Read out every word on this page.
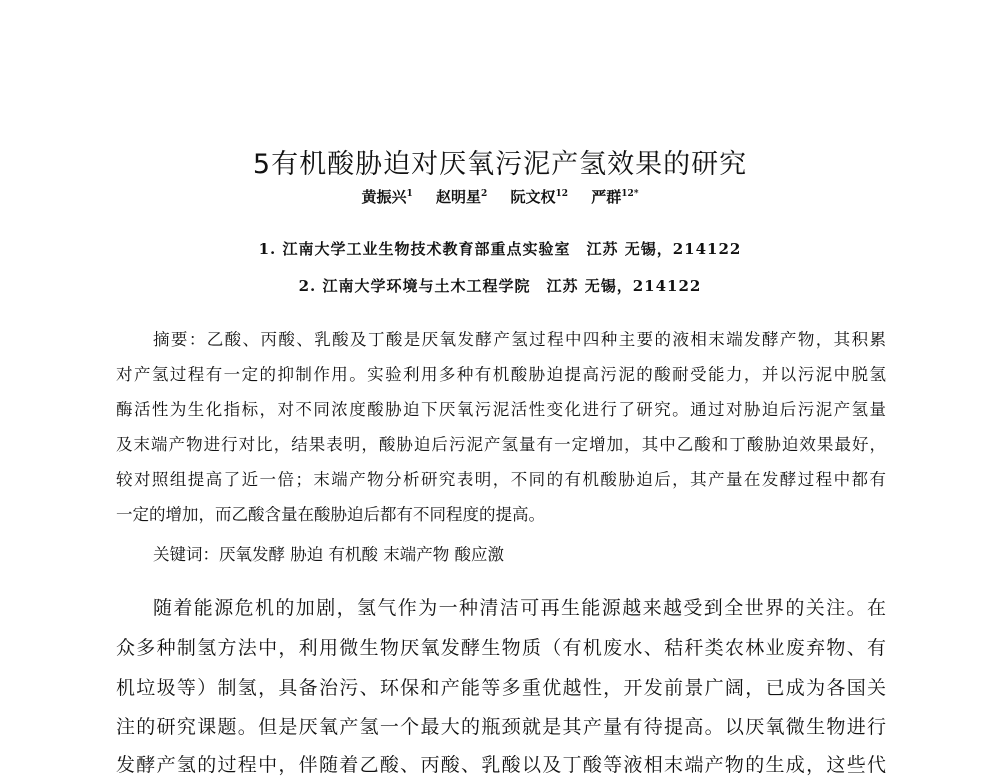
5有机酸胁迫对厌氧污泥产氢效果的研究
黄振兴$^1$ 赵明星$^2$ 阮文权$^{12}$ 严群$^{12*}$
1. 江南大学工业生物技术教育部重点实验室　江苏 无锡，214122
2. 江南大学环境与土木工程学院　江苏 无锡，214122
摘要：乙酸、丙酸、乳酸及丁酸是厌氧发酵产氢过程中四种主要的液相末端发酵产物，其积累
对产氢过程有一定的抑制作用。实验利用多种有机酸胁迫提高污泥的酸耐受能力，并以污泥中脱氢
酶活性为生化指标，对不同浓度酸胁迫下厌氧污泥活性变化进行了研究。通过对胁迫后污泥产氢量
及末端产物进行对比，结果表明，酸胁迫后污泥产氢量有一定增加，其中乙酸和丁酸胁迫效果最好，
较对照组提高了近一倍；末端产物分析研究表明，不同的有机酸胁迫后，其产量在发酵过程中都有
一定的增加，而乙酸含量在酸胁迫后都有不同程度的提高。
关键词：厌氧发酵 胁迫 有机酸 末端产物 酸应激
随着能源危机的加剧，氢气作为一种清洁可再生能源越来越受到全世界的关注。在
众多种制氢方法中，利用微生物厌氧发酵生物质（有机废水、秸秆类农林业废弃物、有
机垃圾等）制氢，具备治污、环保和产能等多重优越性，开发前景广阔，已成为各国关
注的研究课题。但是厌氧产氢一个最大的瓶颈就是其产量有待提高。以厌氧微生物进行
发酵产氢的过程中，伴随着乙酸、丙酸、乳酸以及丁酸等液相末端产物的生成，这些代
